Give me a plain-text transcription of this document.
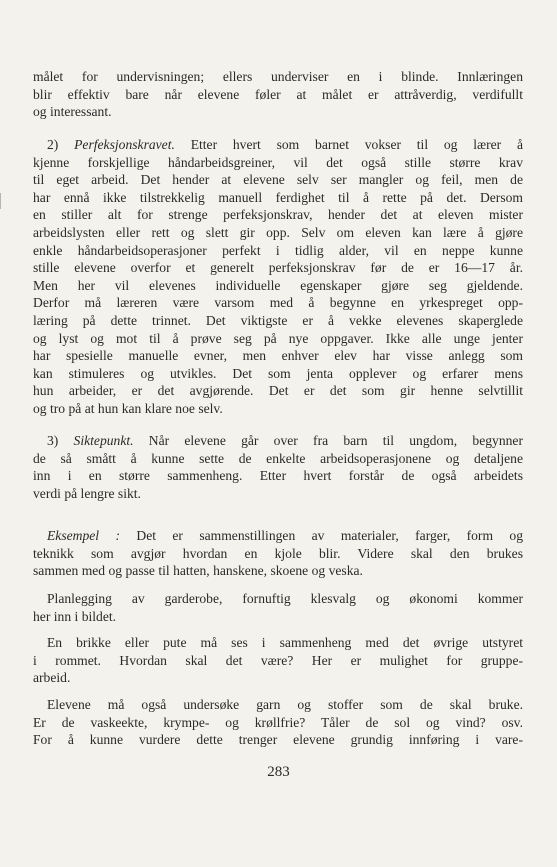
målet for undervisningen; ellers underviser en i blinde. Innlæringen
blir effektiv bare når elevene føler at målet er attråverdig, verdifullt
og interessant.
2) Perfeksjonskravet. Etter hvert som barnet vokser til og lærer å
kjenne forskjellige håndarbeidsgreiner, vil det også stille større krav
til eget arbeid. Det hender at elevene selv ser mangler og feil, men de
har ennå ikke tilstrekkelig manuell ferdighet til å rette på det. Dersom
en stiller alt for strenge perfeksjonskrav, hender det at eleven mister
arbeidslysten eller rett og slett gir opp. Selv om eleven kan lære å gjøre
enkle håndarbeidsoperasjoner perfekt i tidlig alder, vil en neppe kunne
stille elevene overfor et generelt perfeksjonskrav før de er 16—17 år.
Men her vil elevenes individuelle egenskaper gjøre seg gjeldende.
Derfor må læreren være varsom med å begynne en yrkespreget opp-
læring på dette trinnet. Det viktigste er å vekke elevenes skaperglede
og lyst og mot til å prøve seg på nye oppgaver. Ikke alle unge jenter
har spesielle manuelle evner, men enhver elev har visse anlegg som
kan stimuleres og utvikles. Det som jenta opplever og erfarer mens
hun arbeider, er det avgjørende. Det er det som gir henne selvtillit
og tro på at hun kan klare noe selv.
3) Siktepunkt. Når elevene går over fra barn til ungdom, begynner
de så smått å kunne sette de enkelte arbeidsoperasjonene og detaljene
inn i en større sammenheng. Etter hvert forstår de også arbeidets
verdi på lengre sikt.
Eksempel : Det er sammenstillingen av materialer, farger, form og
teknikk som avgjør hvordan en kjole blir. Videre skal den brukes
sammen med og passe til hatten, hanskene, skoene og veska.
Planlegging av garderobe, fornuftig klesvalg og økonomi kommer
her inn i bildet.
En brikke eller pute må ses i sammenheng med det øvrige utstyret
i rommet. Hvordan skal det være? Her er mulighet for gruppe-
arbeid.
Elevene må også undersøke garn og stoffer som de skal bruke.
Er de vaskeekte, krympe- og krøllfrie? Tåler de sol og vind? osv.
For å kunne vurdere dette trenger elevene grundig innføring i vare-
283
